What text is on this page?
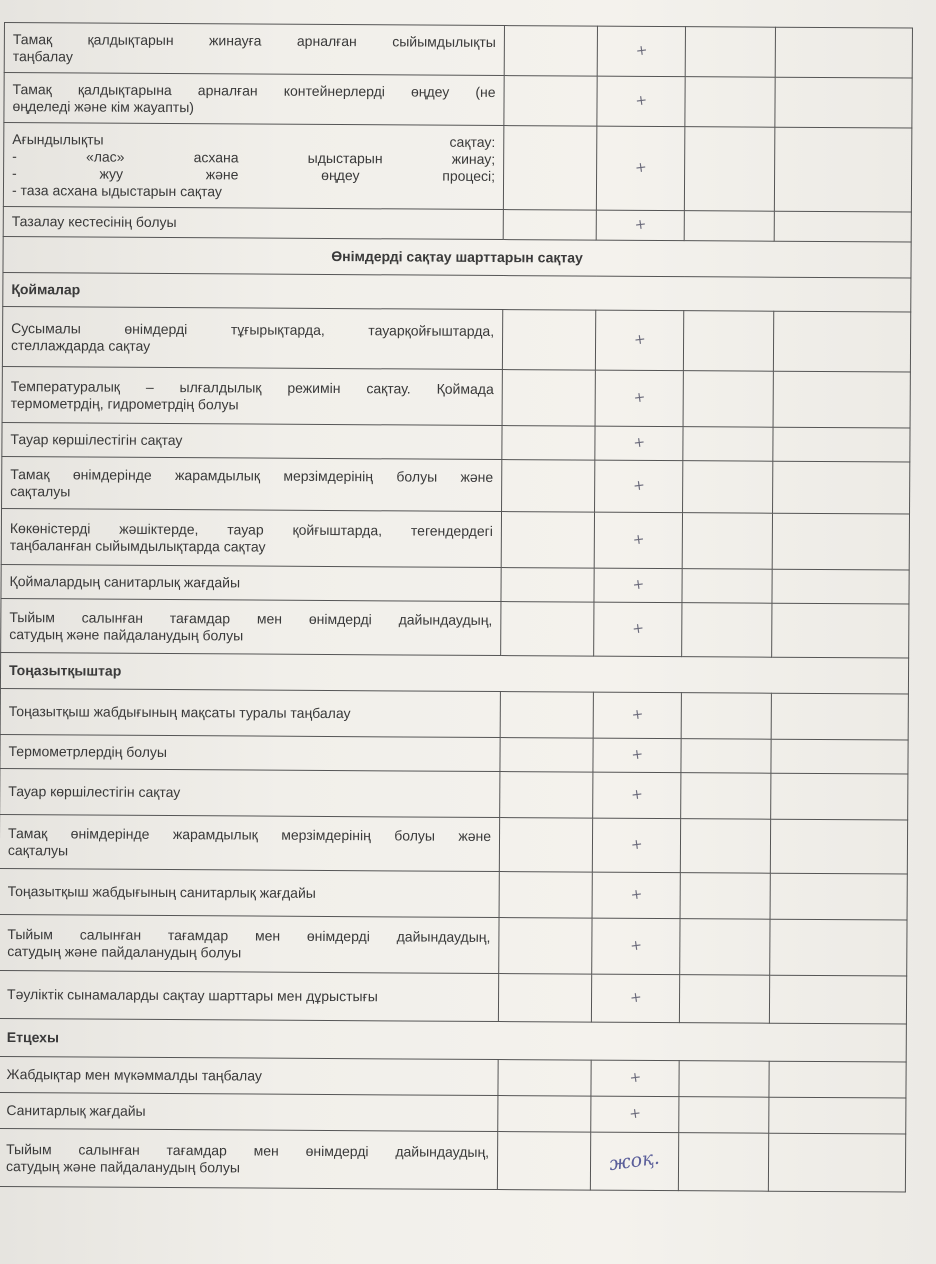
Тамақ қалдықтарын жинауға арналған сыйымдылықты
таңбалау		+		

Тамақ қалдықтарына арналған контейнерлерді өңдеу (не
өңделеді және кім жауапты)		+		

Ағындылықты сақтау:
- «лас» асхана ыдыстарын жинау;
- жуу және өңдеу процесі;
- таза асхана ыдыстарын сақтау		+		

Тазалау кестесінің болуы		+		
Өнімдерді сақтау шарттарын сақтау				
Қоймалар				

Сусымалы өнімдерді тұғырықтарда, тауарқойғыштарда,
стеллаждарда сақтау		+		

Температуралық – ылғалдылық режимін сақтау. Қоймада
термометрдің, гидрометрдің болуы		+		

Тауар көршілестігін сақтау		+		

Тамақ өнімдерінде жарамдылық мерзімдерінің болуы және
сақталуы		+		

Көкөністерді жәшіктерде, тауар қойғыштарда, тегендердегі
таңбаланған сыйымдылықтарда сақтау		+		

Қоймалардың санитарлық жағдайы		+		

Тыйым салынған тағамдар мен өнімдерді дайындаудың,
сатудың және пайдаланудың болуы		+		
Тоңазытқыштар				

Тоңазытқыш жабдығының мақсаты туралы таңбалау		+		

Термометрлердің болуы		+		

Тауар көршілестігін сақтау		+		

Тамақ өнімдерінде жарамдылық мерзімдерінің болуы және
сақталуы		+		

Тоңазытқыш жабдығының санитарлық жағдайы		+		

Тыйым салынған тағамдар мен өнімдерді дайындаудың,
сатудың және пайдаланудың болуы		+		

Тәуліктік сынамаларды сақтау шарттары мен дұрыстығы		+		
Етцехы				

Жабдықтар мен мүкәммалды таңбалау		+		

Санитарлық жағдайы		+		

Тыйым салынған тағамдар мен өнімдерді дайындаудың,
сатудың және пайдаланудың болуы		жоқ.		
